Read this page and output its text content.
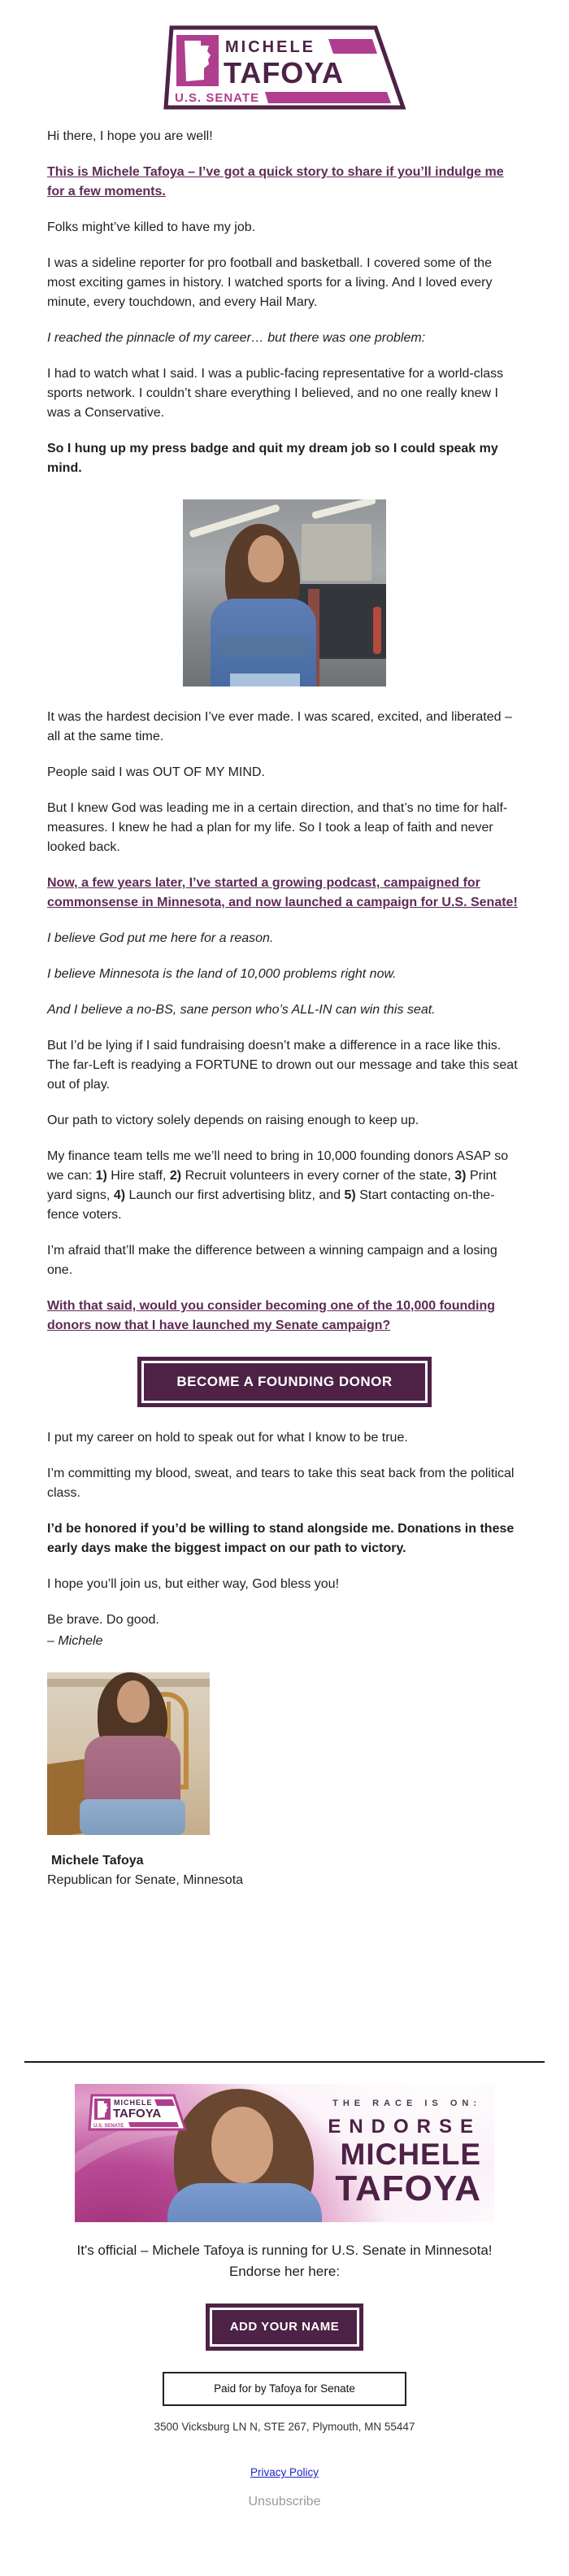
MICHELE
TAFOYA
U.S. SENATE

Hi there, I hope you are well!

This is Michele Tafoya – I’ve got a quick story to share if you’ll indulge me for a few moments.

Folks might’ve killed to have my job.

I was a sideline reporter for pro football and basketball. I covered some of the most exciting games in history. I watched sports for a living. And I loved every minute, every touchdown, and every Hail Mary.

I reached the pinnacle of my career… but there was one problem:

I had to watch what I said. I was a public-facing representative for a world-class sports network. I couldn’t share everything I believed, and no one really knew I was a Conservative.

So I hung up my press badge and quit my dream job so I could speak my mind.

It was the hardest decision I’ve ever made. I was scared, excited, and liberated – all at the same time.

People said I was OUT OF MY MIND.

But I knew God was leading me in a certain direction, and that’s no time for half-measures. I knew he had a plan for my life. So I took a leap of faith and never looked back.

Now, a few years later, I’ve started a growing podcast, campaigned for commonsense in Minnesota, and now launched a campaign for U.S. Senate!

I believe God put me here for a reason.

I believe Minnesota is the land of 10,000 problems right now.

And I believe a no-BS, sane person who’s ALL-IN can win this seat.

But I’d be lying if I said fundraising doesn’t make a difference in a race like this. The far-Left is readying a FORTUNE to drown out our message and take this seat out of play.

Our path to victory solely depends on raising enough to keep up.

My finance team tells me we’ll need to bring in 10,000 founding donors ASAP so we can: 1) Hire staff, 2) Recruit volunteers in every corner of the state, 3) Print yard signs, 4) Launch our first advertising blitz, and 5) Start contacting on-the-fence voters.

I’m afraid that’ll make the difference between a winning campaign and a losing one.

With that said, would you consider becoming one of the 10,000 founding donors now that I have launched my Senate campaign?

BECOME A FOUNDING DONOR

I put my career on hold to speak out for what I know to be true.

I’m committing my blood, sweat, and tears to take this seat back from the political class.

I’d be honored if you’d be willing to stand alongside me. Donations in these early days make the biggest impact on our path to victory.

I hope you’ll join us, but either way, God bless you!

Be brave. Do good.

– Michele

Michele Tafoya
Republican for Senate, Minnesota
MICHELE
TAFOYA
U.S. SENATE
THE RACE IS ON:
ENDORSE
MICHELE
TAFOYA
It's official – Michele Tafoya is running for U.S. Senate in Minnesota! Endorse her here:
ADD YOUR NAME
Paid for by Tafoya for Senate
3500 Vicksburg LN N, STE 267, Plymouth, MN 55447
Privacy Policy
Unsubscribe
